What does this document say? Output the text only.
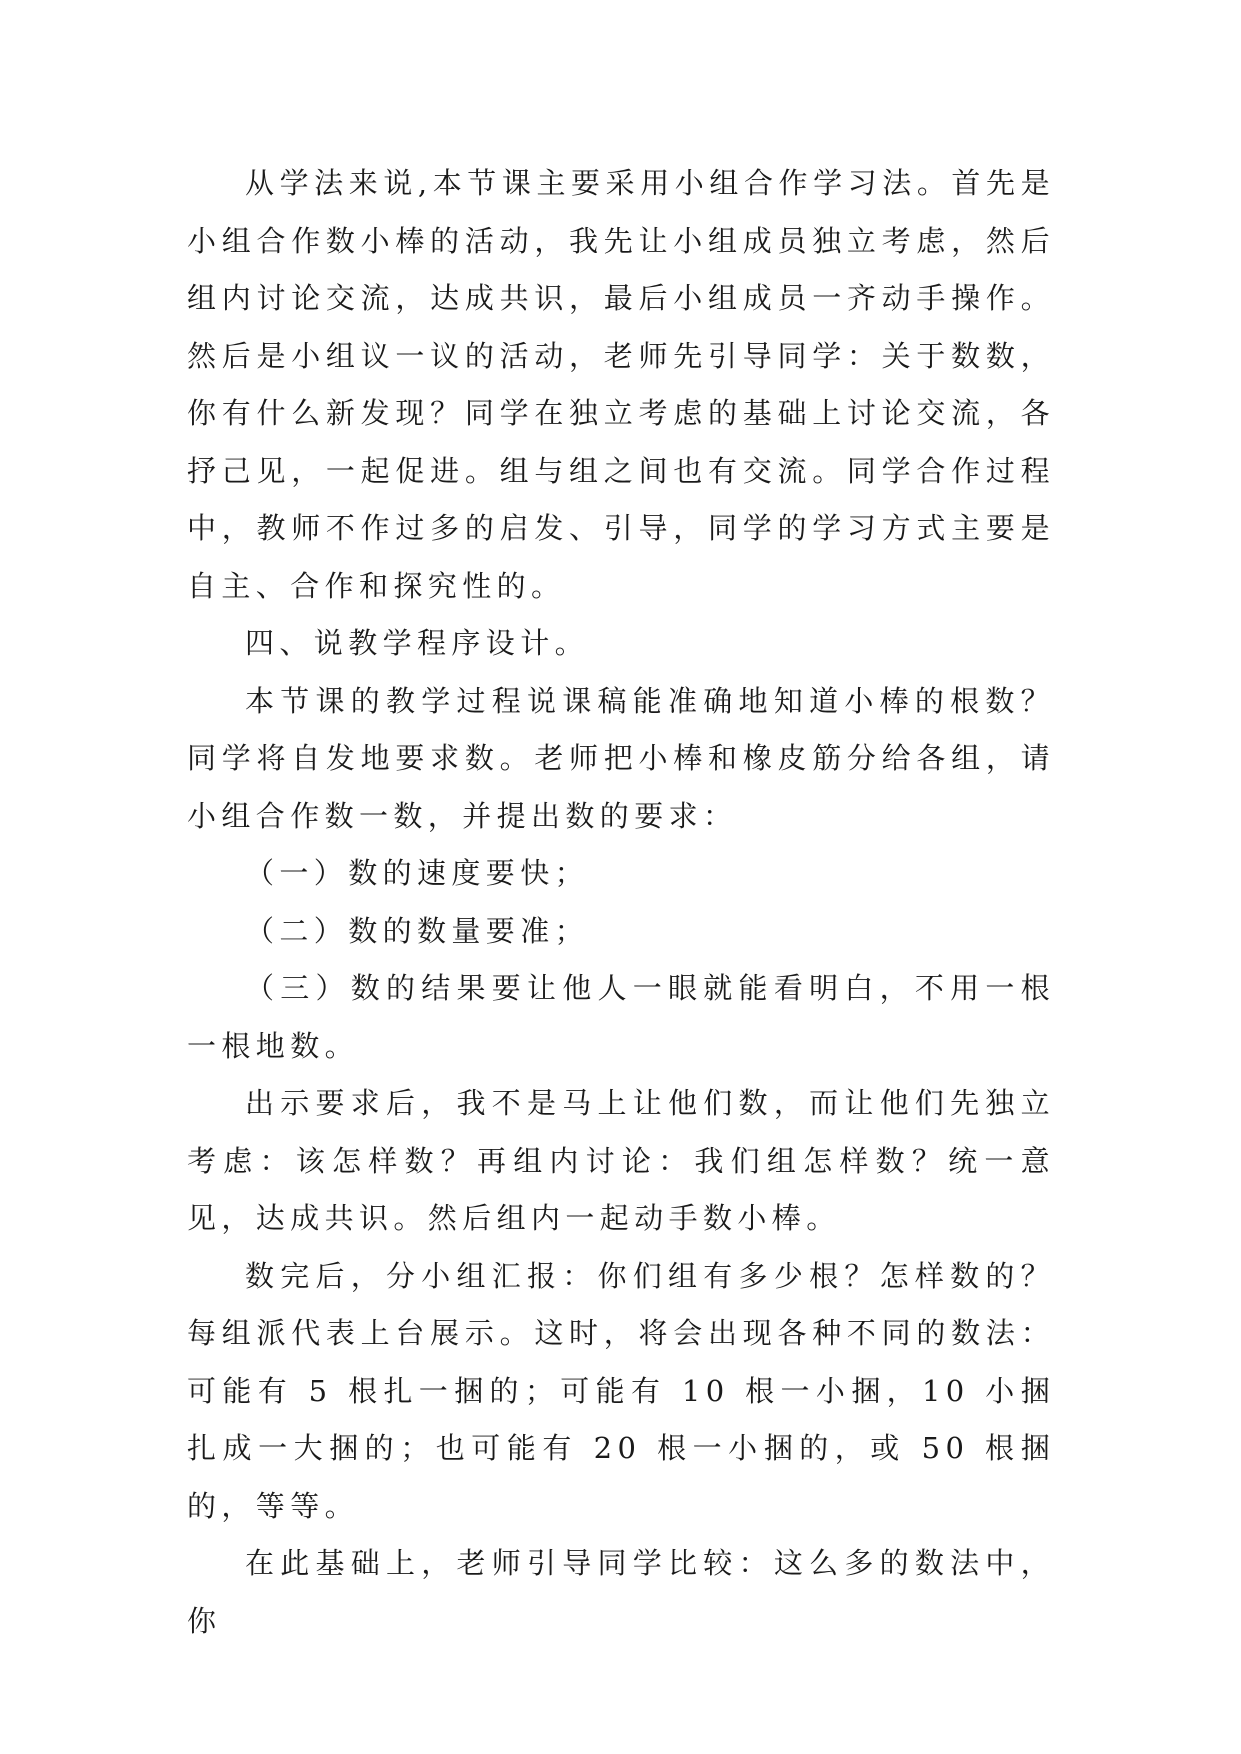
从学法来说,本节课主要采用小组合作学习法。首先是小组合作数小棒的活动，我先让小组成员独立考虑，然后组内讨论交流，达成共识，最后小组成员一齐动手操作。然后是小组议一议的活动，老师先引导同学：关于数数，你有什么新发现？同学在独立考虑的基础上讨论交流，各抒己见，一起促进。组与组之间也有交流。同学合作过程中，教师不作过多的启发、引导，同学的学习方式主要是自主、合作和探究性的。

四、说教学程序设计。

本节课的教学过程说课稿能准确地知道小棒的根数？同学将自发地要求数。老师把小棒和橡皮筋分给各组，请小组合作数一数，并提出数的要求：

（一）数的速度要快；

（二）数的数量要准；

（三）数的结果要让他人一眼就能看明白，不用一根一根地数。

出示要求后，我不是马上让他们数，而让他们先独立考虑：该怎样数？再组内讨论：我们组怎样数？统一意见，达成共识。然后组内一起动手数小棒。

数完后，分小组汇报：你们组有多少根？怎样数的？每组派代表上台展示。这时，将会出现各种不同的数法：可能有 5 根扎一捆的；可能有 10 根一小捆，10 小捆扎成一大捆的；也可能有 20 根一小捆的，或 50 根捆的，等等。

在此基础上，老师引导同学比较：这么多的数法中，你
